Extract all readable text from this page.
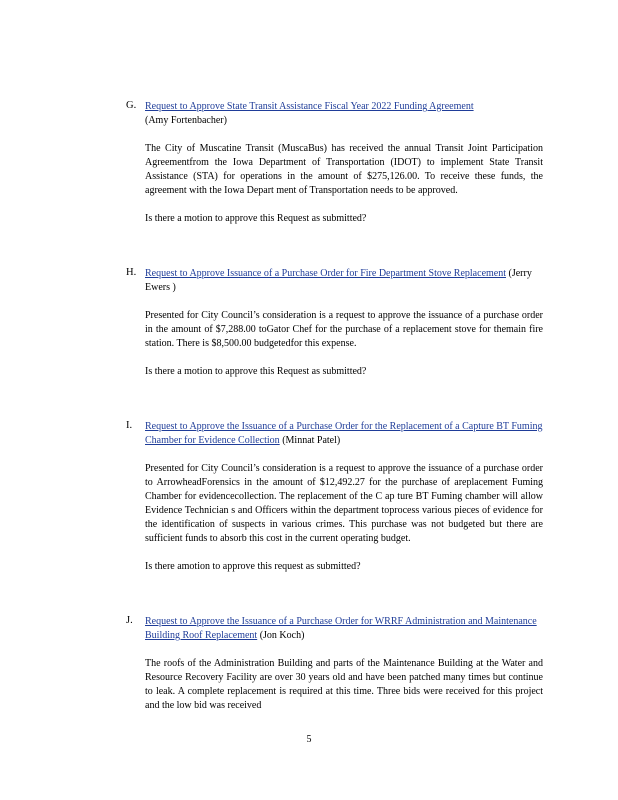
G. Request to Approve State Transit Assistance Fiscal Year 2022 Funding Agreement
(Amy Fortenbacher)

The City of Muscatine Transit (MuscaBus) has received the annual Transit Joint Participation Agreementfrom the Iowa Department of Transportation (IDOT) to implement State Transit Assistance (STA) for operations in the amount of $275,126.00. To receive these funds, the agreement with the Iowa Depart ment of Transportation needs to be approved.

Is there a motion to approve this Request as submitted?

H. Request to Approve Issuance of a Purchase Order for Fire Department Stove Replacement (Jerry Ewers )

Presented for City Council’s consideration is a request to approve the issuance of a purchase order in the amount of $7,288.00 toGator Chef for the purchase of a replacement stove for themain fire station. There is $8,500.00 budgetedfor this expense.

Is there a motion to approve this Request as submitted?

I. Request to Approve the Issuance of a Purchase Order for the Replacement of a Capture BT Fuming Chamber for Evidence Collection (Minnat Patel)

Presented for City Council’s consideration is a request to approve the issuance of a purchase order to ArrowheadForensics in the amount of $12,492.27 for the purchase of areplacement Fuming Chamber for evidencecollection. The replacement of the C ap ture BT Fuming chamber will allow Evidence Technician s and Officers within the department toprocess various pieces of evidence for the identification of suspects in various crimes. This purchase was not budgeted but there are sufficient funds to absorb this cost in the current operating budget.

Is there amotion to approve this request as submitted?

J. Request to Approve the Issuance of a Purchase Order for WRRF Administration and Maintenance Building Roof Replacement (Jon Koch)

The roofs of the Administration Building and parts of the Maintenance Building at the Water and Resource Recovery Facility are over 30 years old and have been patched many times but continue to leak. A complete replacement is required at this time. Three bids were received for this project and the low bid was received

5
